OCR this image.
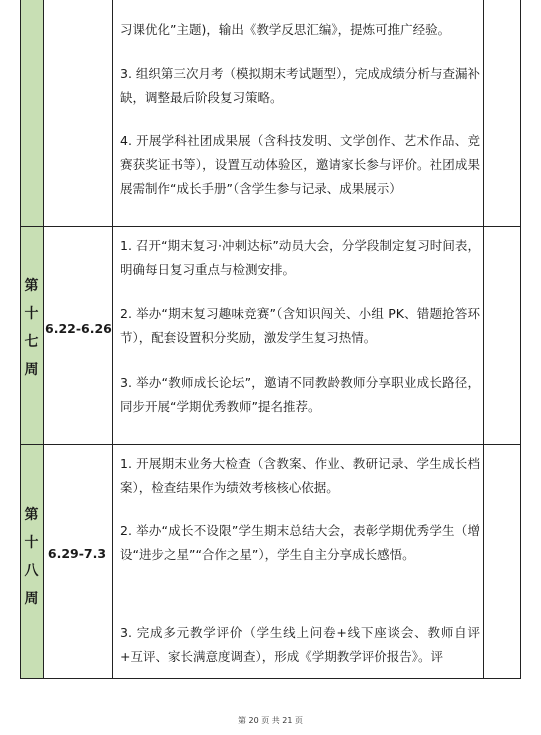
习课优化”主题)，输出《教学反思汇编》，提炼可推广经验。
3. 组织第三次月考（模拟期末考试题型），完成成绩分析与查漏补缺，调整最后阶段复习策略。
4. 开展学科社团成果展（含科技发明、文学创作、艺术作品、竞赛获奖证书等），设置互动体验区，邀请家长参与评价。社团成果展需制作“成长手册”（含学生参与记录、成果展示）
第
十
七
周
6.22-6.26
1. 召开“期末复习·冲刺达标”动员大会，分学段制定复习时间表，明确每日复习重点与检测安排。
2. 举办“期末复习趣味竞赛”（含知识闯关、小组 PK、错题抢答环节），配套设置积分奖励，激发学生复习热情。
3. 举办“教师成长论坛”，邀请不同教龄教师分享职业成长路径，同步开展“学期优秀教师”提名推荐。
第
十
八
周
6.29-7.3
1. 开展期末业务大检查（含教案、作业、教研记录、学生成长档案），检查结果作为绩效考核核心依据。
2. 举办“成长不设限”学生期末总结大会，表彰学期优秀学生（增设“进步之星”“合作之星”），学生自主分享成长感悟。
3. 完成多元教学评价（学生线上问卷+线下座谈会、教师自评+互评、家长满意度调查），形成《学期教学评价报告》。评
第 20 页 共 21 页
